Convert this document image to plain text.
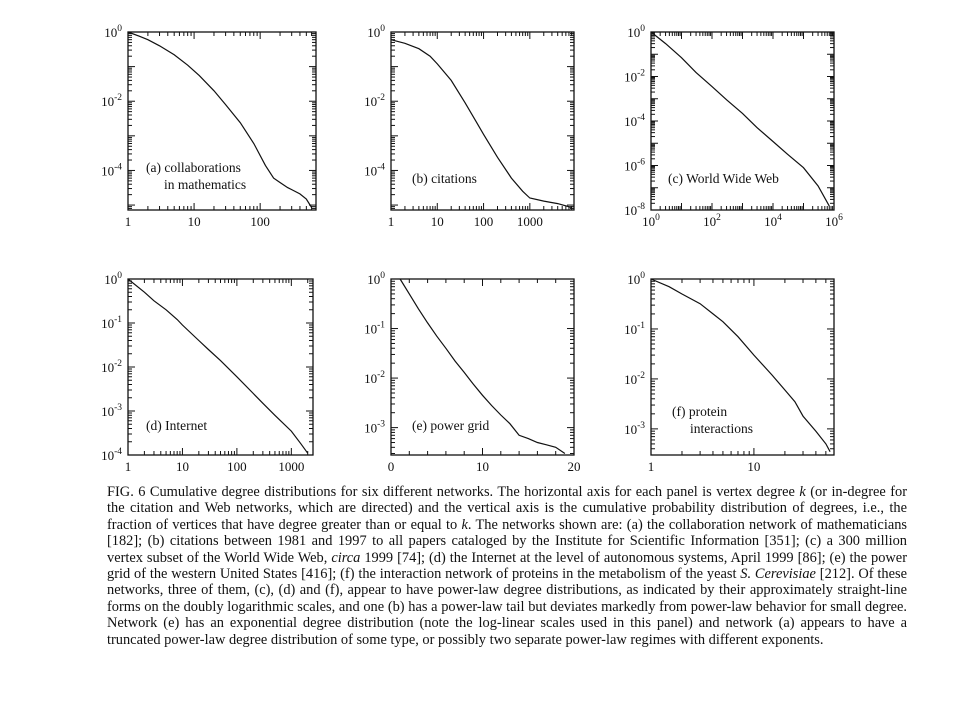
1	10	100
$10^0$
$10^{-2}$
$10^{-4}$ (a) collaborations
in mathematics
1	10 100 1000
$10^0$
$10^{-2}$
$10^{-4}$
(b) citations
$10^0$	$10^2$	$10^4$	$10^6$
$10^0$
$10^{-2}$
$10^{-4}$
$10^{-6}$
$10^{-8}$
(c) World Wide Web
1	10	100 1000
$10^0$
$10^{-1}$
$10^{-2}$
$10^{-3}$
$10^{-4}$
(d) Internet
0	10	20
$10^0$
$10^{-1}$
$10^{-2}$
$10^{-3}$ (e) power grid
1	10
$10^0$
$10^{-1}$
$10^{-2}$
$10^{-3}$
(f) protein
interactions

FIG. 6 Cumulative degree distributions for six different networks. The horizontal axis for each panel is vertex degree k (or in-degree for the citation and Web networks, which are directed) and the vertical axis is the cumulative probability distribution of degrees, i.e., the fraction of vertices that have degree greater than or equal to k. The networks shown are: (a) the collaboration network of mathematicians [182]; (b) citations between 1981 and 1997 to all papers cataloged by the Institute for Scientific Information [351]; (c) a 300 million vertex subset of the World Wide Web, circa 1999 [74]; (d) the Internet at the level of autonomous systems, April 1999 [86]; (e) the power grid of the western United States [416]; (f) the interaction network of proteins in the metabolism of the yeast S. Cerevisiae [212]. Of these networks, three of them, (c), (d) and (f), appear to have power-law degree distributions, as indicated by their approximately straight-line forms on the doubly logarithmic scales, and one (b) has a power-law tail but deviates markedly from power-law behavior for small degree. Network (e) has an exponential degree distribution (note the log-linear scales used in this panel) and network (a) appears to have a truncated power-law degree distribution of some type, or possibly two separate power-law regimes with different exponents.
